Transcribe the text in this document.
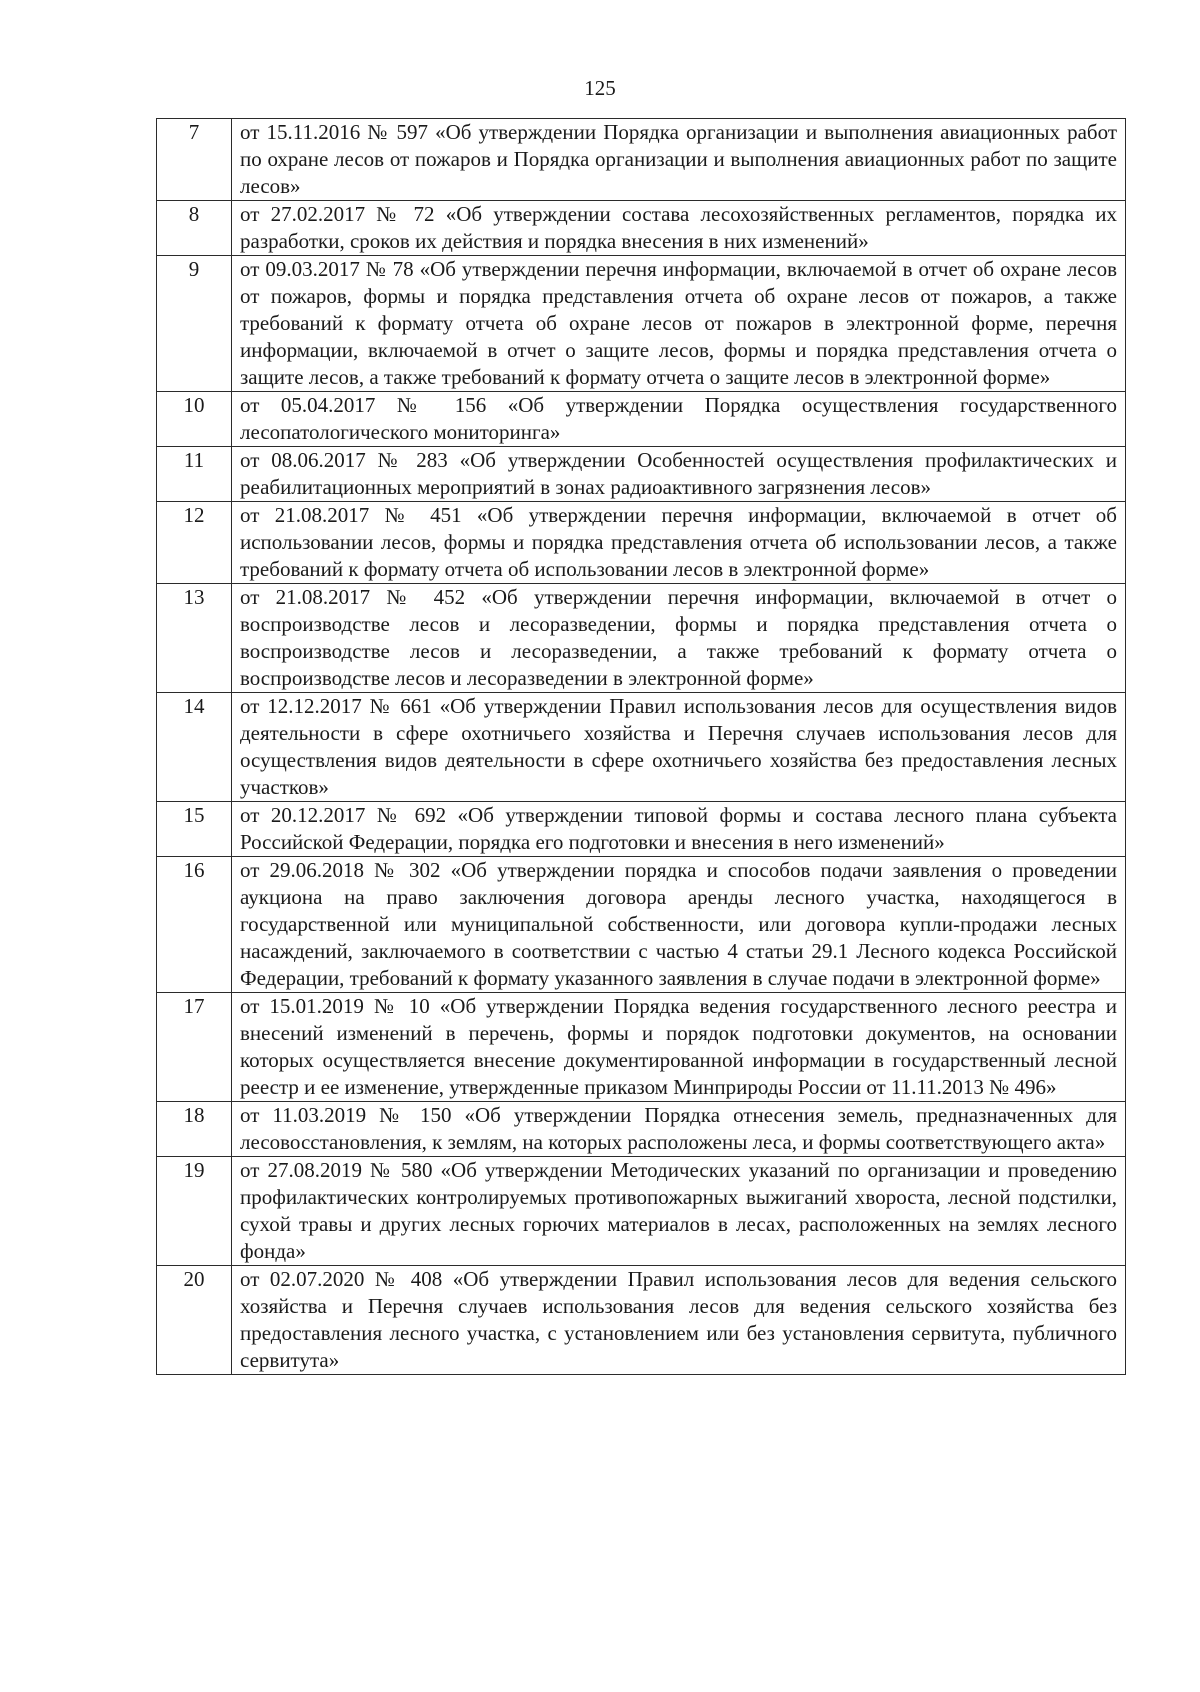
125
7	от 15.11.2016 № 597 «Об утверждении Порядка организации и выполнения авиационных работ по охране лесов от пожаров и Порядка организации и выполнения авиационных работ по защите лесов»
8	от 27.02.2017 № 72 «Об утверждении состава лесохозяйственных регламентов, порядка их разработки, сроков их действия и порядка внесения в них изменений»
9	от 09.03.2017 № 78 «Об утверждении перечня информации, включаемой в отчет об охране лесов от пожаров, формы и порядка представления отчета об охране лесов от пожаров, а также требований к формату отчета об охране лесов от пожаров в электронной форме, перечня информации, включаемой в отчет о защите лесов, формы и порядка представления отчета о защите лесов, а также требований к формату отчета о защите лесов в электронной форме»
10	от 05.04.2017 № 156 «Об утверждении Порядка осуществления государственного лесопатологического мониторинга»
11	от 08.06.2017 № 283 «Об утверждении Особенностей осуществления профилактических и реабилитационных мероприятий в зонах радиоактивного загрязнения лесов»
12	от 21.08.2017 № 451 «Об утверждении перечня информации, включаемой в отчет об использовании лесов, формы и порядка представления отчета об использовании лесов, а также требований к формату отчета об использовании лесов в электронной форме»
13	от 21.08.2017 № 452 «Об утверждении перечня информации, включаемой в отчет о воспроизводстве лесов и лесоразведении, формы и порядка представления отчета о воспроизводстве лесов и лесоразведении, а также требований к формату отчета о воспроизводстве лесов и лесоразведении в электронной форме»
14	от 12.12.2017 № 661 «Об утверждении Правил использования лесов для осуществления видов деятельности в сфере охотничьего хозяйства и Перечня случаев использования лесов для осуществления видов деятельности в сфере охотничьего хозяйства без предоставления лесных участков»
15	от 20.12.2017 № 692 «Об утверждении типовой формы и состава лесного плана субъекта Российской Федерации, порядка его подготовки и внесения в него изменений»
16	от 29.06.2018 № 302 «Об утверждении порядка и способов подачи заявления о проведении аукциона на право заключения договора аренды лесного участка, находящегося в государственной или муниципальной собственности, или договора купли-продажи лесных насаждений, заключаемого в соответствии с частью 4 статьи 29.1 Лесного кодекса Российской Федерации, требований к формату указанного заявления в случае подачи в электронной форме»
17	от 15.01.2019 № 10 «Об утверждении Порядка ведения государственного лесного реестра и внесений изменений в перечень, формы и порядок подготовки документов, на основании которых осуществляется внесение документированной информации в государственный лесной реестр и ее изменение, утвержденные приказом Минприроды России от 11.11.2013 № 496»
18	от 11.03.2019 № 150 «Об утверждении Порядка отнесения земель, предназначенных для лесовосстановления, к землям, на которых расположены леса, и формы соответствующего акта»
19	от 27.08.2019 № 580 «Об утверждении Методических указаний по организации и проведению профилактических контролируемых противопожарных выжиганий хвороста, лесной подстилки, сухой травы и других лесных горючих материалов в лесах, расположенных на землях лесного фонда»
20	от 02.07.2020 № 408 «Об утверждении Правил использования лесов для ведения сельского хозяйства и Перечня случаев использования лесов для ведения сельского хозяйства без предоставления лесного участка, с установлением или без установления сервитута, публичного сервитута»
